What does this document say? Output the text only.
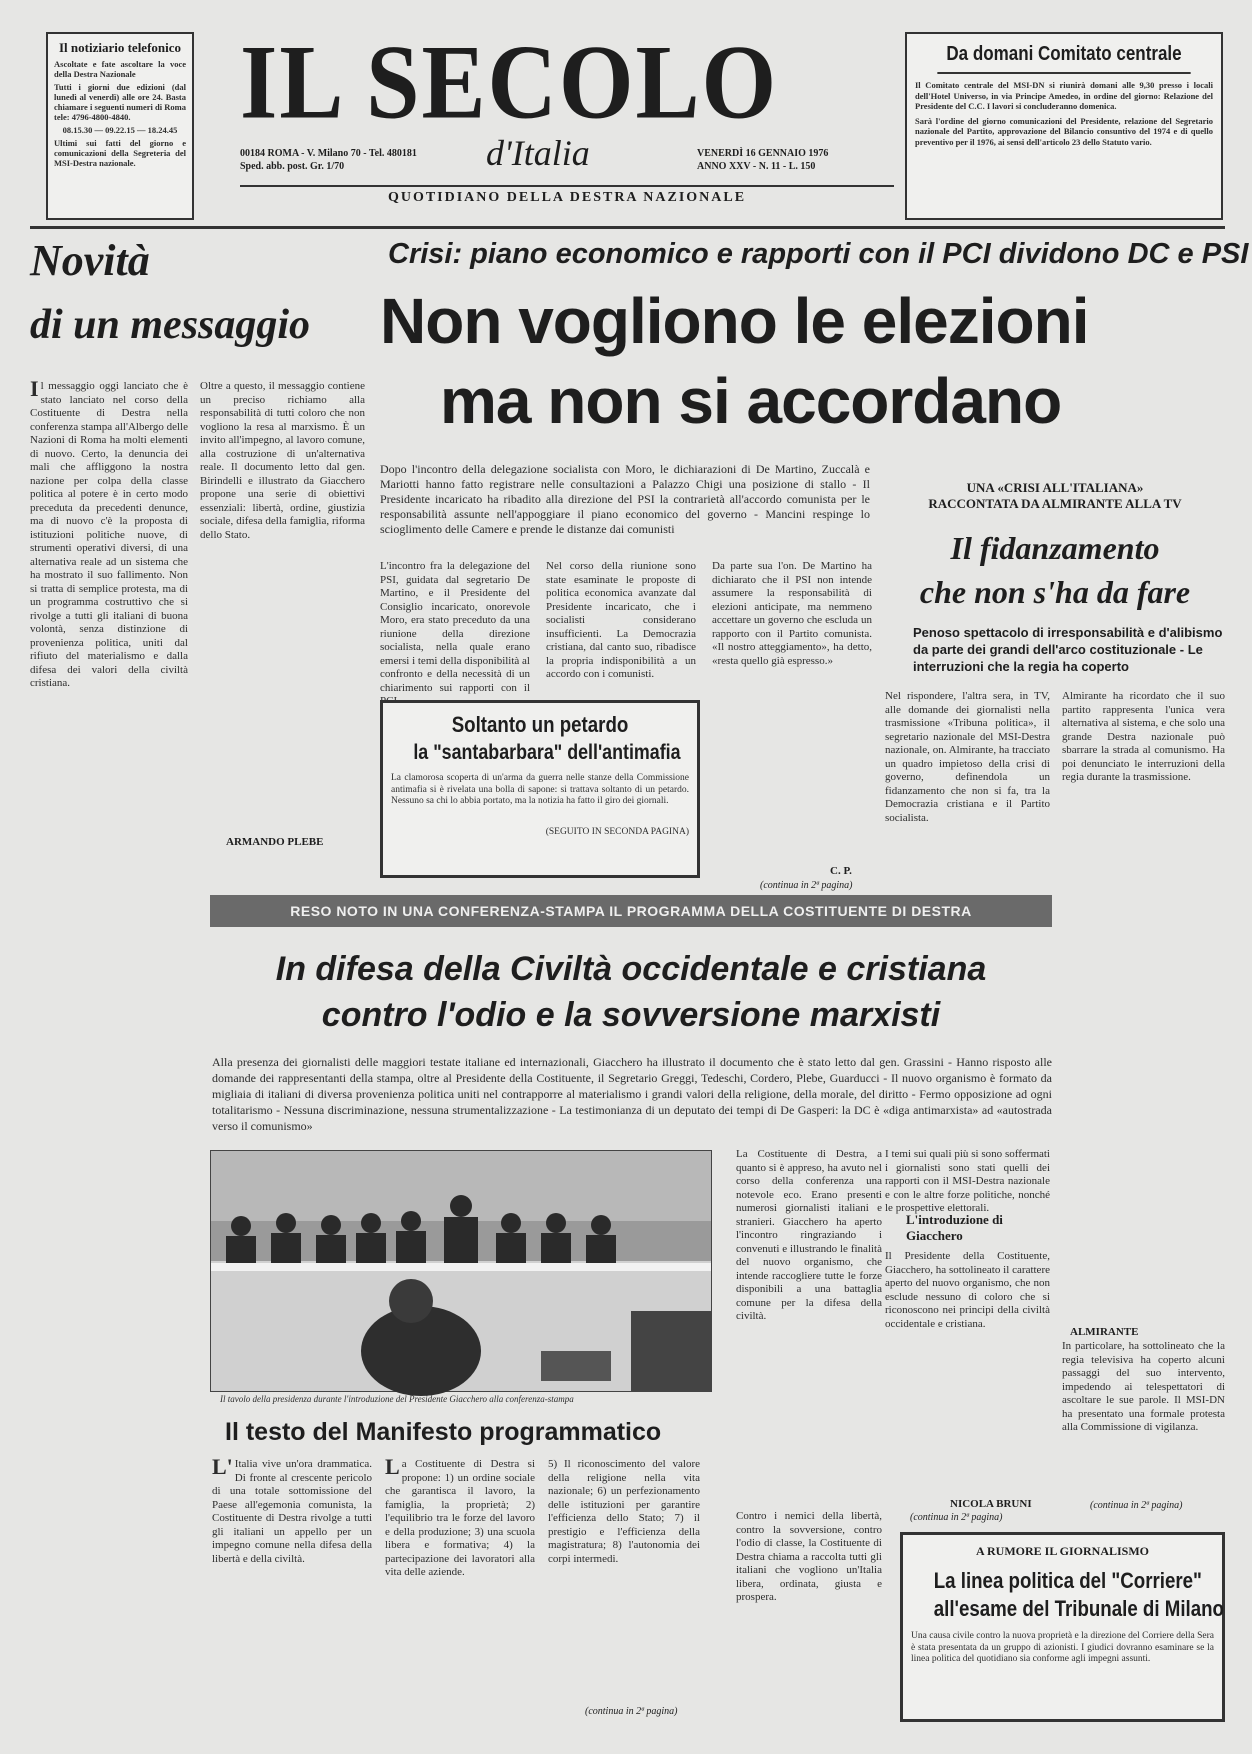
Il notiziario telefonico
Ascoltate e fate ascoltare la voce della Destra Nazionale
Tutti i giorni due edizioni (dal lunedì al venerdì) alle ore 24. Basta chiamare i seguenti numeri di Roma tele: 4796-4800-4840.
08.15.30 — 09.22.15 — 18.24.45
Ultimi sui fatti del giorno e comunicazioni della Segreteria del MSI-Destra nazionale.
IL SECOLO
00184 ROMA - V. Milano 70 - Tel. 480181
Sped. abb. post. Gr. 1/70	d'Italia	VENERDÌ 16 GENNAIO 1976
ANNO XXV - N. 11 - L. 150
QUOTIDIANO DELLA DESTRA NAZIONALE
Da domani Comitato centrale
Il Comitato centrale del MSI-DN si riunirà domani alle 9,30 presso i locali dell'Hotel Universo, in via Principe Amedeo, in ordine del giorno: Relazione del Presidente del C.C. I lavori si concluderanno domenica.
Sarà l'ordine del giorno comunicazioni del Presidente, relazione del Segretario nazionale del Partito, approvazione del Bilancio consuntivo del 1974 e di quello preventivo per il 1976, ai sensi dell'articolo 23 dello Statuto vario.
Novità
di un messaggio
Il messaggio oggi lanciato che è stato lanciato nel corso della Costituente di Destra nella conferenza stampa all'Albergo delle Nazioni di Roma ha molti elementi di nuovo. Certo, la denuncia dei mali che affliggono la nostra nazione per colpa della classe politica al potere è in certo modo preceduta da precedenti denunce, ma di nuovo c'è la proposta di istituzioni politiche nuove, di strumenti operativi diversi, di una alternativa reale ad un sistema che ha mostrato il suo fallimento. Non si tratta di semplice protesta, ma di un programma costruttivo che si rivolge a tutti gli italiani di buona volontà, senza distinzione di provenienza politica, uniti dal rifiuto del materialismo e dalla difesa dei valori della civiltà cristiana.
Oltre a questo, il messaggio contiene un preciso richiamo alla responsabilità di tutti coloro che non vogliono la resa al marxismo. È un invito all'impegno, al lavoro comune, alla costruzione di un'alternativa reale. Il documento letto dal gen. Birindelli e illustrato da Giacchero propone una serie di obiettivi essenziali: libertà, ordine, giustizia sociale, difesa della famiglia, riforma dello Stato.
ARMANDO PLEBE
Crisi: piano economico e rapporti con il PCI dividono DC e PSI
Non vogliono le elezioni
ma non si accordano
Dopo l'incontro della delegazione socialista con Moro, le dichiarazioni di De Martino, Zuccalà e Mariotti hanno fatto registrare nelle consultazioni a Palazzo Chigi una posizione di stallo - Il Presidente incaricato ha ribadito alla direzione del PSI la contrarietà all'accordo comunista per le responsabilità assunte nell'appoggiare il piano economico del governo - Mancini respinge lo scioglimento delle Camere e prende le distanze dai comunisti
L'incontro fra la delegazione del PSI, guidata dal segretario De Martino, e il Presidente del Consiglio incaricato, onorevole Moro, era stato preceduto da una riunione della direzione socialista, nella quale erano emersi i temi della disponibilità al confronto e della necessità di un chiarimento sui rapporti con il
Nel corso della riunione sono state esaminate le proposte di politica economica avanzate dal Presidente incaricato, che i socialisti considerano insufficienti. La Democrazia cristiana, dal canto suo, ribadisce la propria indisponibilità a un accordo con i comunisti.
Da parte sua l'on. De Martino ha dichiarato che il PSI non intende assumere la responsabilità di elezioni anticipate, ma nemmeno accettare un governo che escluda un rapporto con il Partito comunista. «Il nostro atteggiamento», ha detto, «resta quello già espresso.»
C. P.
(continua in 2ª pagina)
Soltanto un petardo
la "santabarbara" dell'antimafia
La clamorosa scoperta di un'arma da guerra nelle stanze della Commissione antimafia si è rivelata una bolla di sapone: si trattava soltanto di un petardo. Nessuno sa chi lo abbia portato, ma la notizia ha fatto il giro dei giornali.
(SEGUITO IN SECONDA PAGINA)
UNA «CRISI ALL'ITALIANA»
RACCONTATA DA ALMIRANTE ALLA TV
Il fidanzamento
che non s'ha da fare
Penoso spettacolo di irresponsabilità e d'alibismo da parte dei grandi dell'arco costituzionale - Le interruzioni che la regia ha coperto
Nel rispondere, l'altra sera, in TV, alle domande dei giornalisti nella trasmissione «Tribuna politica», il segretario nazionale del MSI-Destra nazionale, on. Almirante, ha tracciato un quadro impietoso della crisi di governo, definendola un fidanzamento che non si fa, tra la Democrazia cristiana e il Partito socialista.
Almirante ha ricordato che il suo partito rappresenta l'unica vera alternativa al sistema, e che solo una grande Destra nazionale può sbarrare la strada al comunismo. Ha poi denunciato le interruzioni della regia durante la trasmissione.
In particolare, ha sottolineato che la regia televisiva ha coperto alcuni passaggi del suo intervento, impedendo ai telespettatori di ascoltare le sue parole. Il MSI-DN ha presentato una formale protesta alla Commissione di vigilanza.
ALMIRANTE
(continua in 2ª pagina)
RESO NOTO IN UNA CONFERENZA-STAMPA IL PROGRAMMA DELLA COSTITUENTE DI DESTRA
In difesa della Civiltà occidentale e cristiana
contro l'odio e la sovversione marxisti
Alla presenza dei giornalisti delle maggiori testate italiane ed internazionali, Giacchero ha illustrato il documento che è stato letto dal gen. Grassini - Hanno risposto alle domande dei rappresentanti della stampa, oltre al Presidente della Costituente, il Segretario Greggi, Tedeschi, Cordero, Plebe, Guarducci - Il nuovo organismo è formato da migliaia di italiani di diversa provenienza politica uniti nel contrapporre al materialismo i grandi valori della religione, della morale, del diritto - Fermo opposizione ad ogni totalitarismo - Nessuna discriminazione, nessuna strumentalizzazione - La testimonianza di un deputato dei tempi di De Gasperi: la DC è «diga antimarxista» ad «autostrada verso il comunismo»
Il tavolo della presidenza durante l'introduzione del Presidente Giacchero alla conferenza-stampa
La Costituente di Destra, a quanto si è appreso, ha avuto nel corso della conferenza una notevole eco. Erano presenti numerosi giornalisti italiani e stranieri. Giacchero ha aperto l'incontro ringraziando i convenuti e illustrando le finalità del nuovo organismo, che intende raccogliere tutte le forze disponibili a una battaglia comune per la difesa della civiltà.
I temi sui quali più si sono soffermati i giornalisti sono stati quelli dei rapporti con il MSI-Destra nazionale e con le altre forze politiche, nonché le prospettive elettorali.
L'introduzione di Giacchero
Il Presidente della Costituente, Giacchero, ha sottolineato il carattere aperto del nuovo organismo, che non esclude nessuno di coloro che si riconoscono nei principi della civiltà occidentale e cristiana.
NICOLA BRUNI
(continua in 2ª pagina)
Il testo del Manifesto programmatico
L'Italia vive un'ora drammatica. Di fronte al crescente pericolo di una totale sottomissione del Paese all'egemonia comunista, la Costituente di Destra rivolge a tutti gli italiani un appello per un impegno comune nella difesa della libertà e della civiltà.
La Costituente di Destra si propone: 1) un ordine sociale che garantisca il lavoro, la famiglia, la proprietà; 2) l'equilibrio tra le forze del lavoro e della produzione; 3) una scuola libera e formativa; 4) la partecipazione dei lavoratori alla vita delle aziende.
5) Il riconoscimento del valore della religione nella vita nazionale; 6) un perfezionamento delle istituzioni per garantire l'efficienza dello Stato; 7) il prestigio e l'efficienza della magistratura; 8) l'autonomia dei corpi intermedi.
(continua in 2ª pagina)
Contro i nemici della libertà, contro la sovversione, contro l'odio di classe, la Costituente di Destra chiama a raccolta tutti gli italiani che vogliono un'Italia libera, ordinata, giusta e prospera.
A RUMORE IL GIORNALISMO
La linea politica del "Corriere"
all'esame del Tribunale di Milano
Una causa civile contro la nuova proprietà e la direzione del Corriere della Sera è stata presentata da un gruppo di azionisti. I giudici dovranno esaminare se la linea politica del quotidiano sia conforme agli impegni assunti.
